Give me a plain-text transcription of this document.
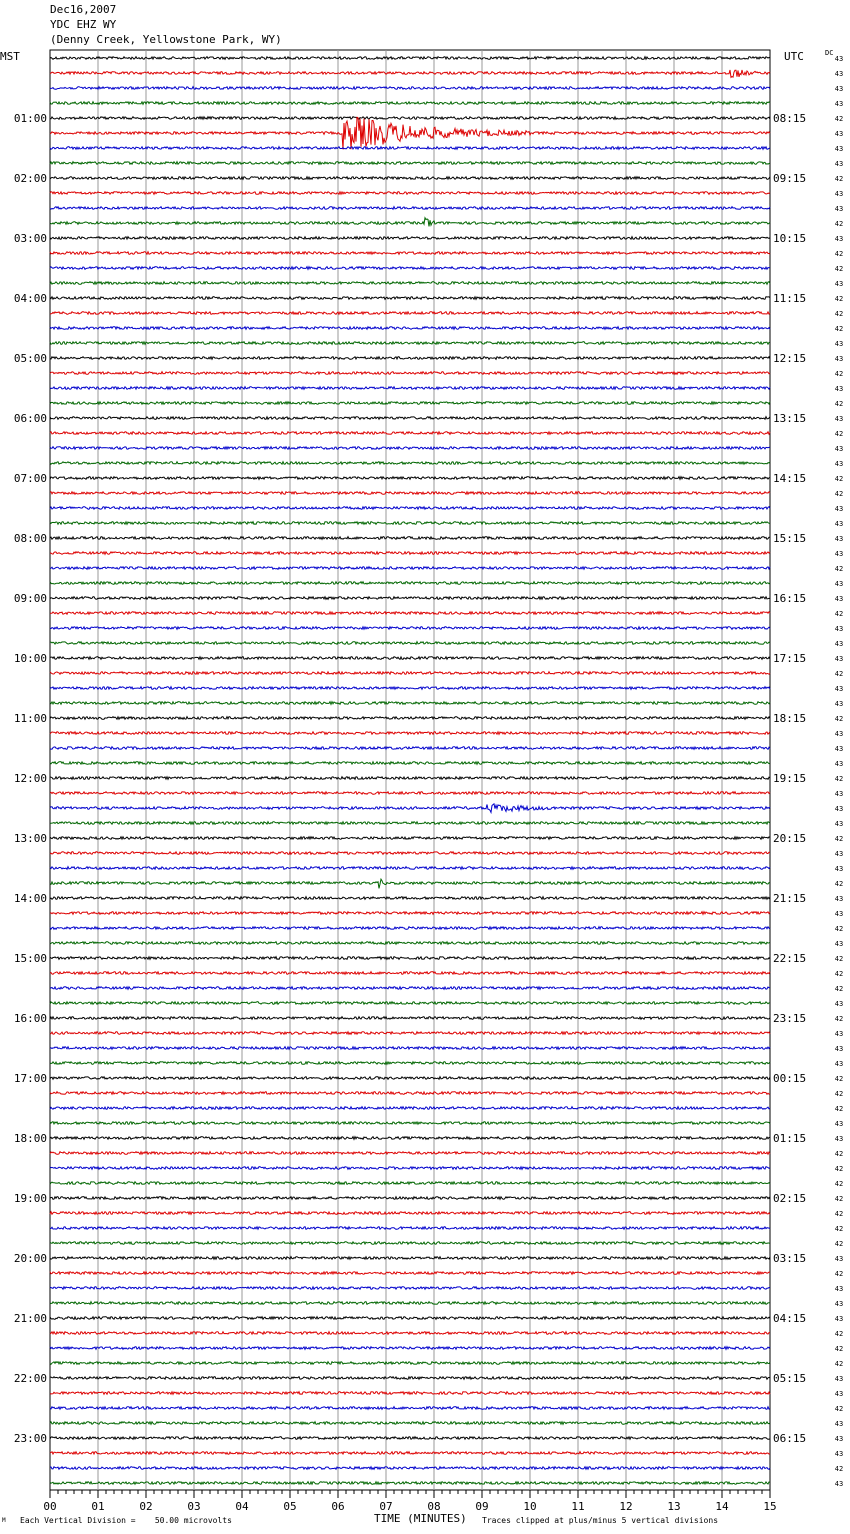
Dec16,2007
YDC EHZ WY
(Denny Creek, Yellowstone Park, WY)
MST	UTC	DC
43
43
43
43
42
43
43
43
42
43
43
42
43
42
42
43
42
42
42
43
43
42
43
42
43
42
43
43
42
42
43
43
43
43
42
43
43
42
43
43
43
42
43
43
42
43
43
43
42
43
43
43
42
43
43
42
43
43
42
43
42
42
42
43
42
43
43
43
42
42
42
43
43
42
42
42
42
42
42
42
43
42
43
43
43
42
42
42
43
43
42
43
43
43
42
43
01:00
02:00
03:00
04:00
05:00
06:00
07:00
08:00
09:00
10:00
11:00
12:00
13:00
14:00
15:00
16:00
17:00
18:00
19:00
20:00
21:00
22:00
23:00
08:15
09:15
10:15
11:15
12:15
13:15
14:15
15:15
16:15
17:15
18:15
19:15
20:15
21:15
22:15
23:15
00:15
01:15
02:15
03:15
04:15
05:15
06:15
00	01	02	03	04	05	06	07	08	09	10	11	12	13	14	15
M Each Vertical Division =    50.00 microvolts	TIME (MINUTES) Traces clipped at plus/minus 5 vertical divisions
